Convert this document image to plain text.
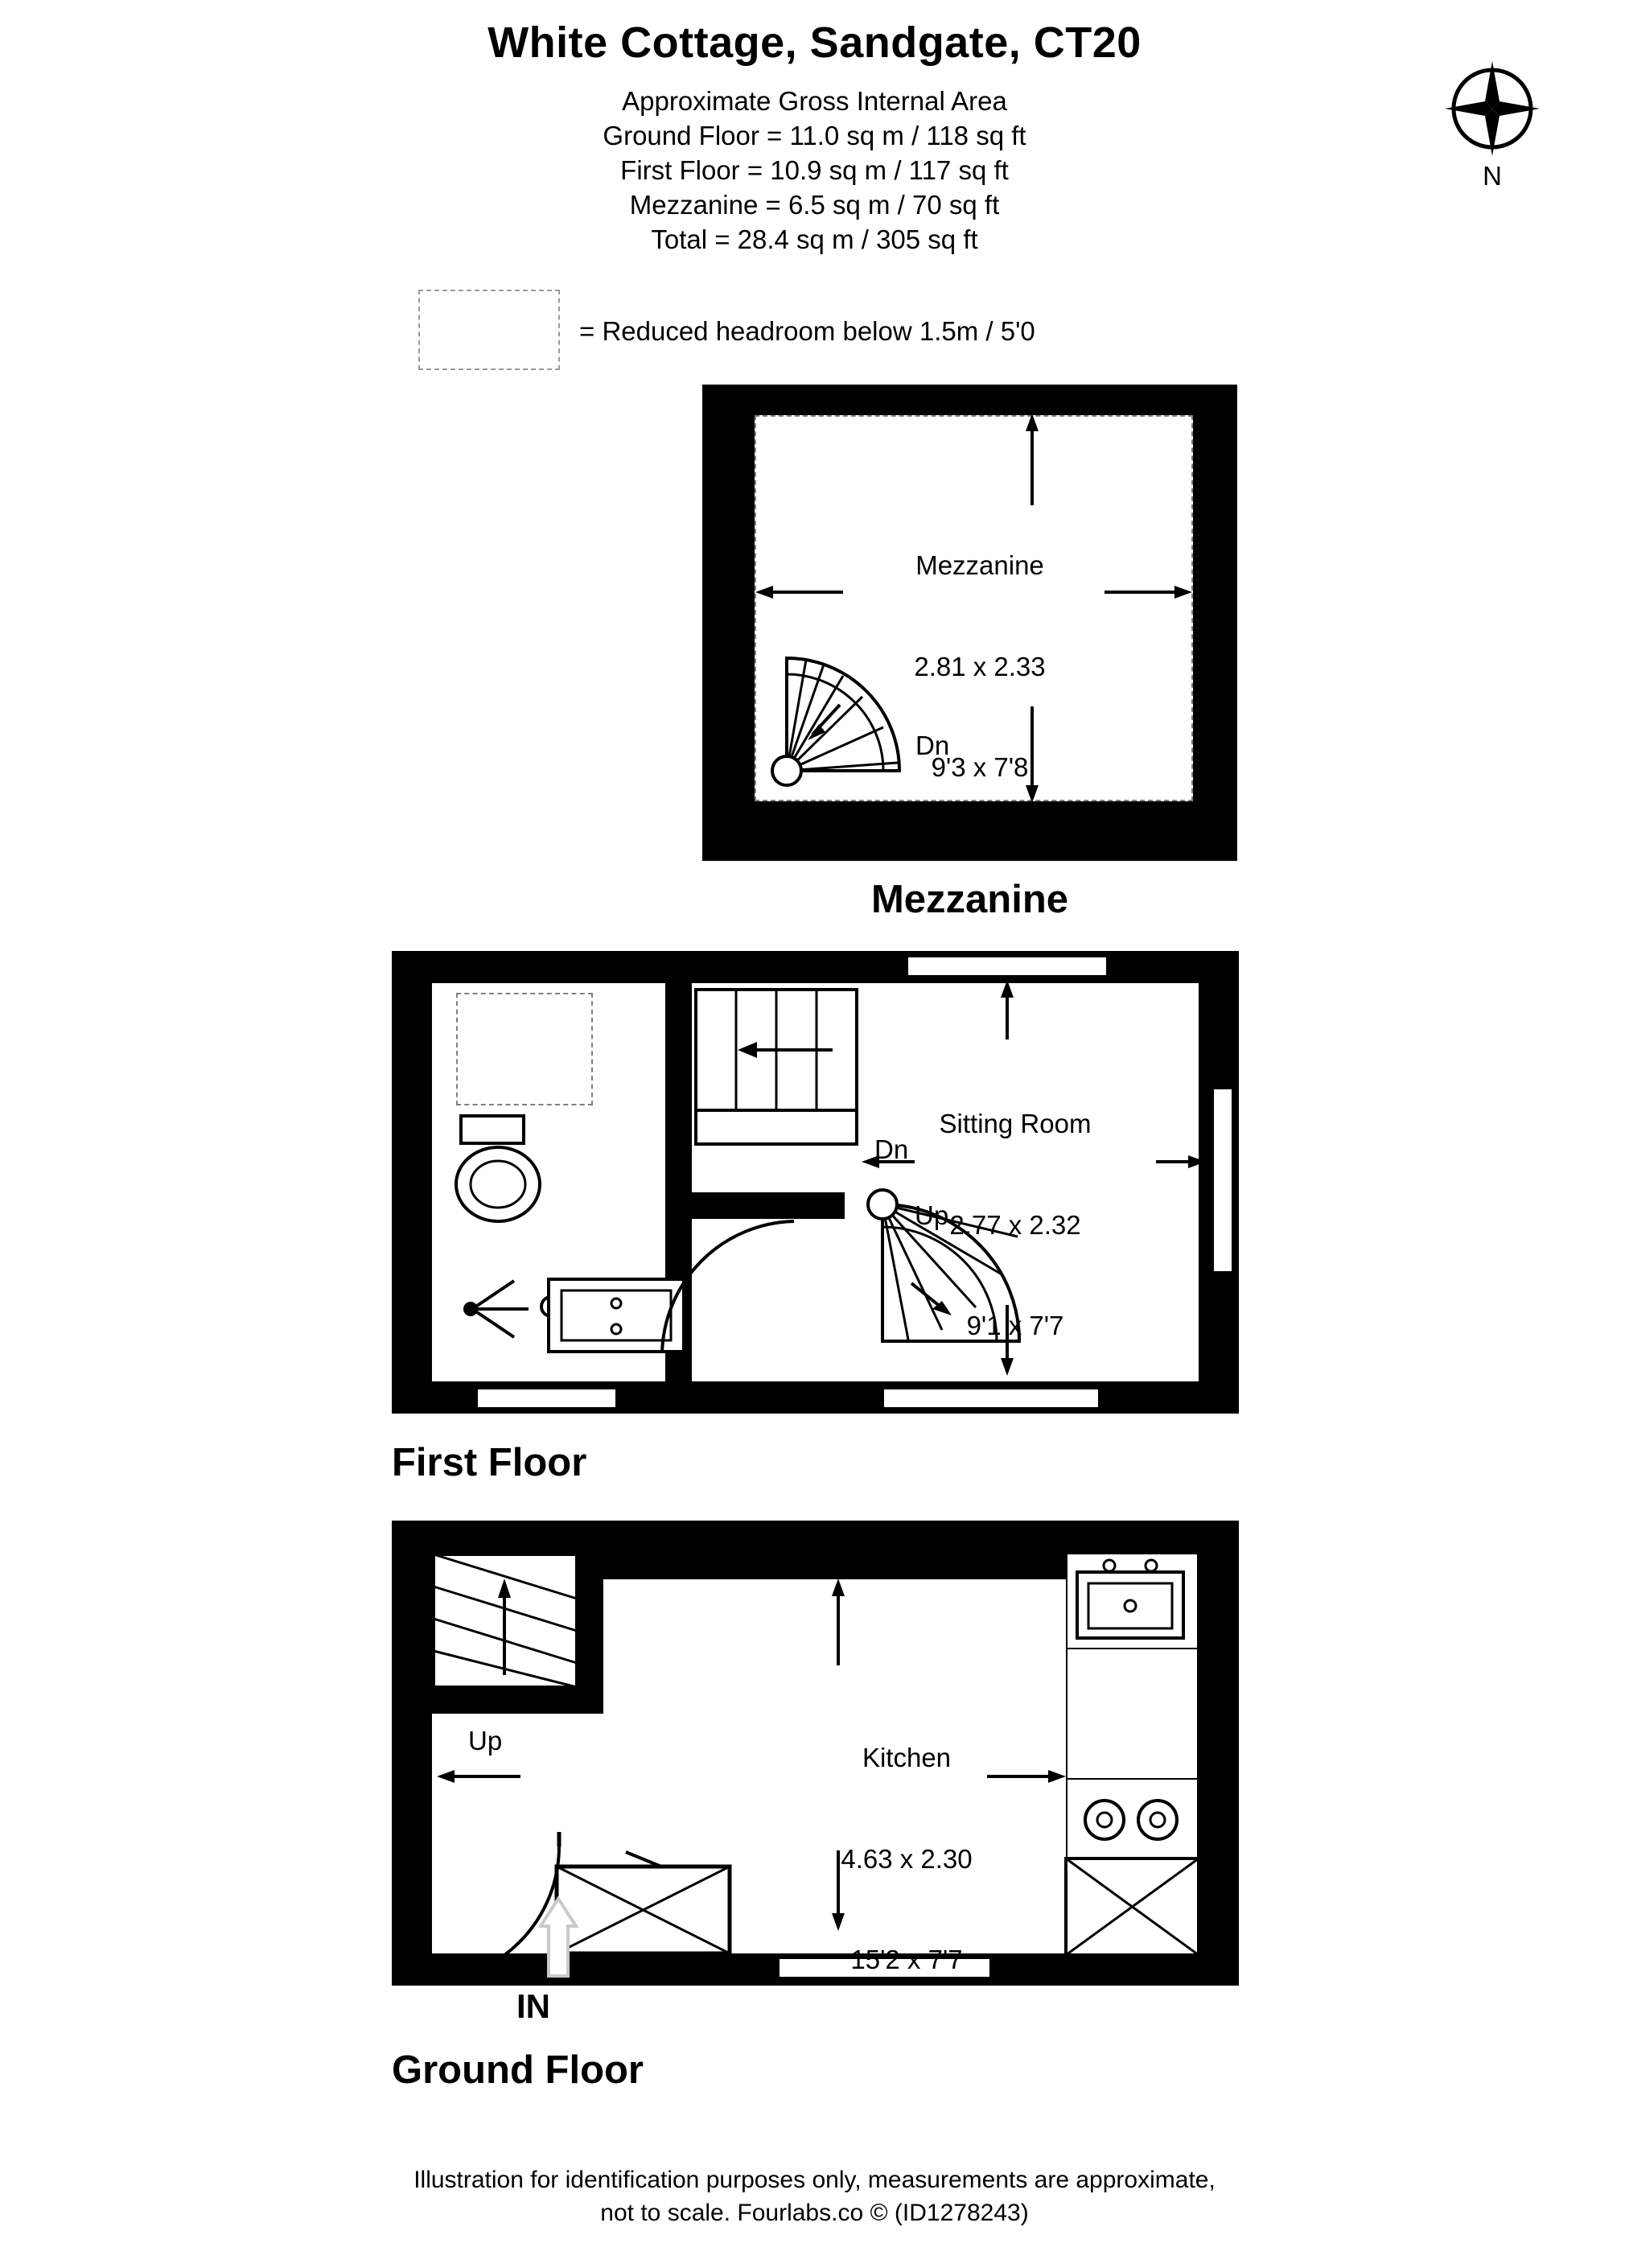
White Cottage, Sandgate, CT20
Approximate Gross Internal Area
Ground Floor = 11.0 sq m / 118 sq ft
First Floor = 10.9 sq m / 117 sq ft
Mezzanine = 6.5 sq m / 70 sq ft
Total = 28.4 sq m / 305 sq ft
N
= Reduced headroom below 1.5m / 5'0

Mezzanine

2.81 x 2.33

9'3 x 7'8

Dn
Mezzanine
Dn

Sitting Room

2.77 x 2.32

9'1 x 7'7

Up
First Floor
Up

Kitchen

4.63 x 2.30

15'2 x 7'7

IN
Ground Floor
Illustration for identification purposes only, measurements are approximate,
not to scale. Fourlabs.co © (ID1278243)
